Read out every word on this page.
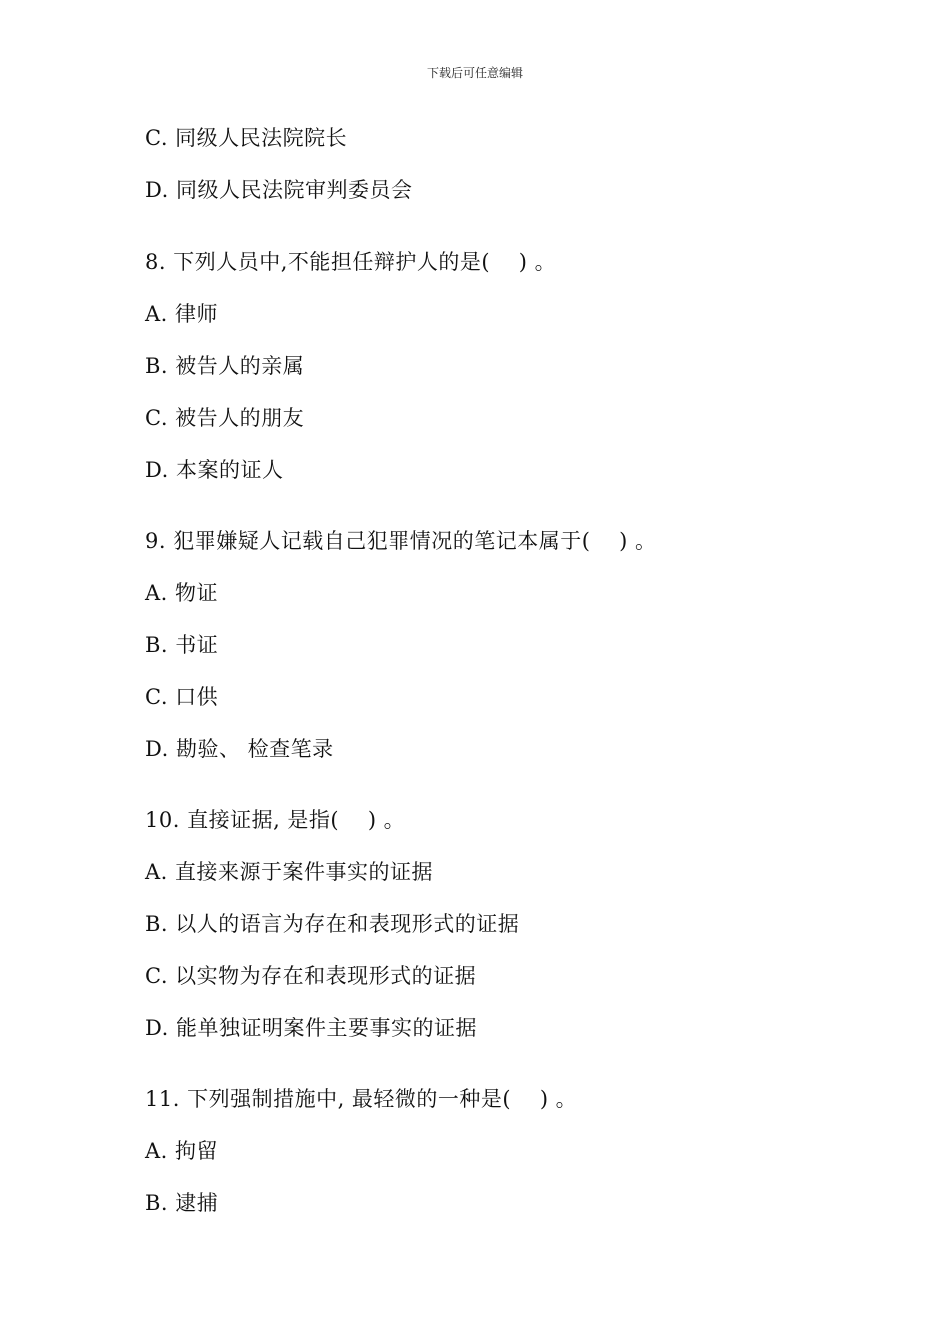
下载后可任意编辑
C. 同级人民法院院长
D. 同级人民法院审判委员会
8. 下列人员中,不能担任辩护人的是(    ) 。
A. 律师
B. 被告人的亲属
C. 被告人的朋友
D. 本案的证人
9. 犯罪嫌疑人记载自己犯罪情况的笔记本属于(    ) 。
A. 物证
B. 书证
C. 口供
D. 勘验、 检查笔录
10. 直接证据, 是指(    ) 。
A. 直接来源于案件事实的证据
B. 以人的语言为存在和表现形式的证据
C. 以实物为存在和表现形式的证据
D. 能单独证明案件主要事实的证据
11. 下列强制措施中, 最轻微的一种是(    ) 。
A. 拘留
B. 逮捕
